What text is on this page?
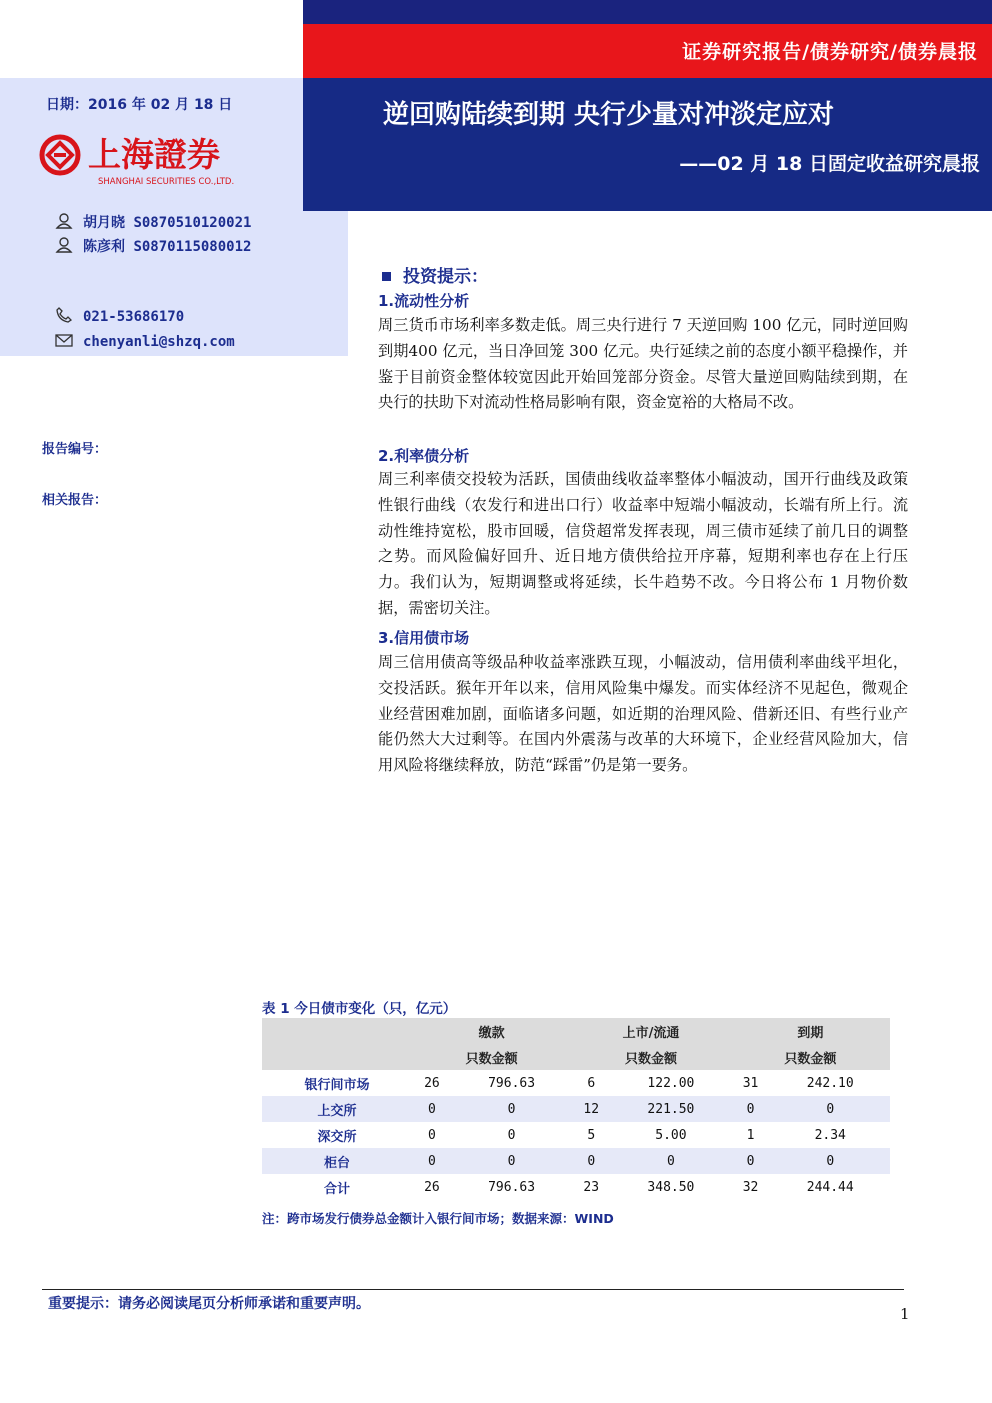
证券研究报告/债券研究/债券晨报
逆回购陆续到期 央行少量对冲淡定应对
——02 月 18 日固定收益研究晨报
日期：2016 年 02 月 18 日
上海證券
SHANGHAI SECURITIES CO.,LTD.
胡月晓 S0870510120021
陈彦利 S0870115080012
021-53686170
chenyanli@shzq.com
报告编号：
相关报告：
投资提示：
1.流动性分析
周三货币市场利率多数走低。周三央行进行 7 天逆回购 100 亿元，同时逆回购到期400 亿元，当日净回笼 300 亿元。央行延续之前的态度小额平稳操作，并鉴于目前资金整体较宽因此开始回笼部分资金。尽管大量逆回购陆续到期，在央行的扶助下对流动性格局影响有限，资金宽裕的大格局不改。
2.利率债分析
周三利率债交投较为活跃，国债曲线收益率整体小幅波动，国开行曲线及政策性银行曲线（农发行和进出口行）收益率中短端小幅波动，长端有所上行。流动性维持宽松，股市回暖，信贷超常发挥表现，周三债市延续了前几日的调整之势。而风险偏好回升、近日地方债供给拉开序幕，短期利率也存在上行压力。我们认为，短期调整或将延续，长牛趋势不改。今日将公布 1 月物价数据，需密切关注。
3.信用债市场
周三信用债高等级品种收益率涨跌互现，小幅波动，信用债利率曲线平坦化，交投活跃。猴年开年以来，信用风险集中爆发。而实体经济不见起色，微观企业经营困难加剧，面临诸多问题，如近期的治理风险、借新还旧、有些行业产能仍然大大过剩等。在国内外震荡与改革的大环境下，企业经营风险加大，信用风险将继续释放，防范“踩雷”仍是第一要务。
表 1 今日债市变化（只，亿元）
	缴款		上市/流通		到期	
	只数金额		只数金额		只数金额	
银行间市场	26	796.63	6	122.00	31	242.10
上交所	0	0	12	221.50	0	0
深交所	0	0	5	5.00	1	2.34
柜台	0	0	0	0	0	0
合计	26	796.63	23	348.50	32	244.44
注：跨市场发行债券总金额计入银行间市场；数据来源：WIND
重要提示：请务必阅读尾页分析师承诺和重要声明。
1
